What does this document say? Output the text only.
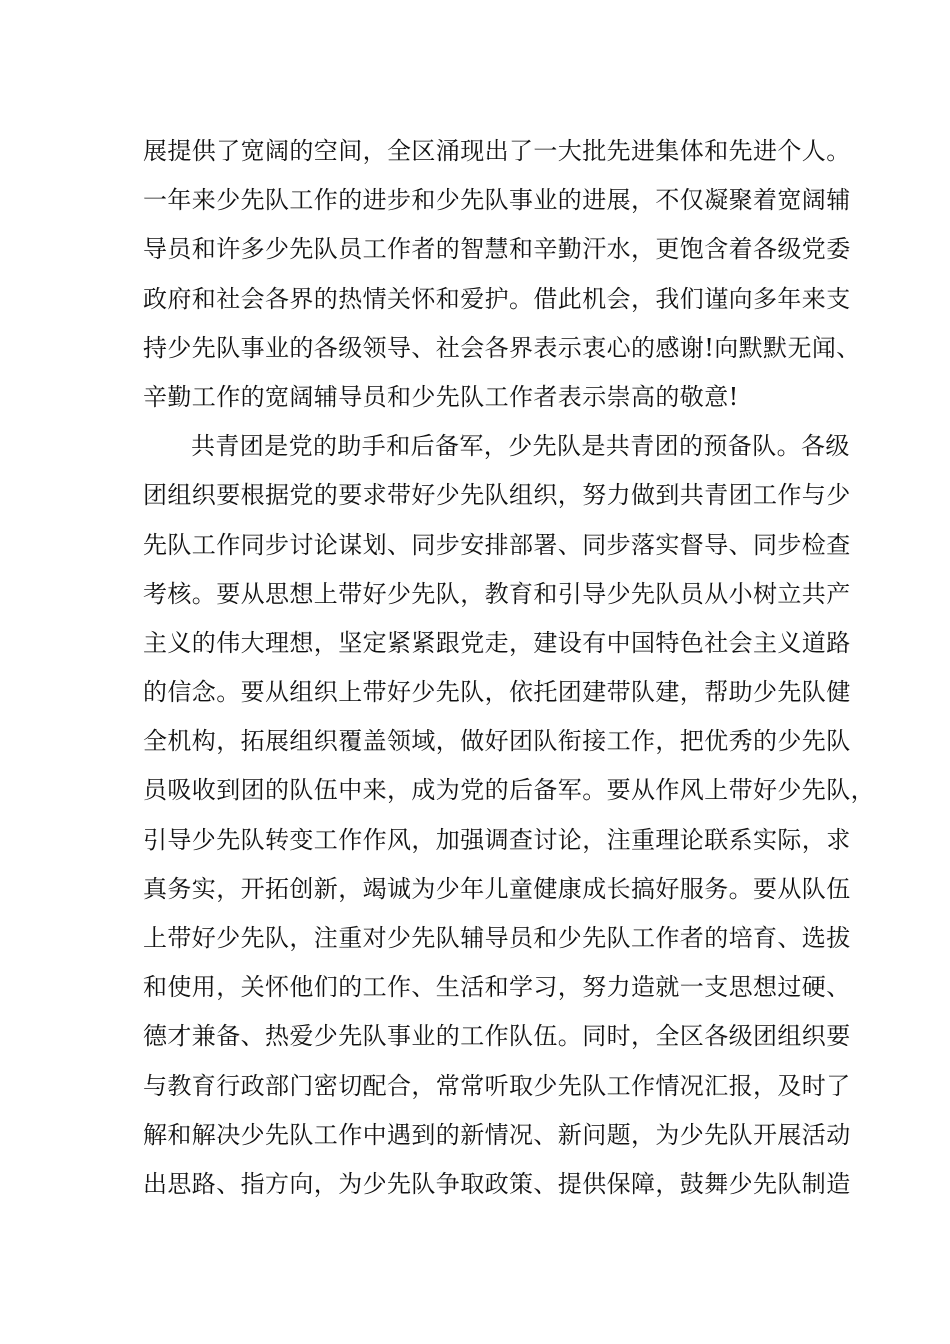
展提供了宽阔的空间，全区涌现出了一大批先进集体和先进个人。
一年来少先队工作的进步和少先队事业的进展，不仅凝聚着宽阔辅
导员和许多少先队员工作者的智慧和辛勤汗水，更饱含着各级党委
政府和社会各界的热情关怀和爱护。借此机会，我们谨向多年来支
持少先队事业的各级领导、社会各界表示衷心的感谢!向默默无闻、
辛勤工作的宽阔辅导员和少先队工作者表示崇高的敬意!
共青团是党的助手和后备军，少先队是共青团的预备队。各级
团组织要根据党的要求带好少先队组织，努力做到共青团工作与少
先队工作同步讨论谋划、同步安排部署、同步落实督导、同步检查
考核。要从思想上带好少先队，教育和引导少先队员从小树立共产
主义的伟大理想，坚定紧紧跟党走，建设有中国特色社会主义道路
的信念。要从组织上带好少先队，依托团建带队建，帮助少先队健
全机构，拓展组织覆盖领域，做好团队衔接工作，把优秀的少先队
员吸收到团的队伍中来，成为党的后备军。要从作风上带好少先队，
引导少先队转变工作作风，加强调查讨论，注重理论联系实际，求
真务实，开拓创新，竭诚为少年儿童健康成长搞好服务。要从队伍
上带好少先队，注重对少先队辅导员和少先队工作者的培育、选拔
和使用，关怀他们的工作、生活和学习，努力造就一支思想过硬、
德才兼备、热爱少先队事业的工作队伍。同时，全区各级团组织要
与教育行政部门密切配合，常常听取少先队工作情况汇报，及时了
解和解决少先队工作中遇到的新情况、新问题，为少先队开展活动
出思路、指方向，为少先队争取政策、提供保障，鼓舞少先队制造
